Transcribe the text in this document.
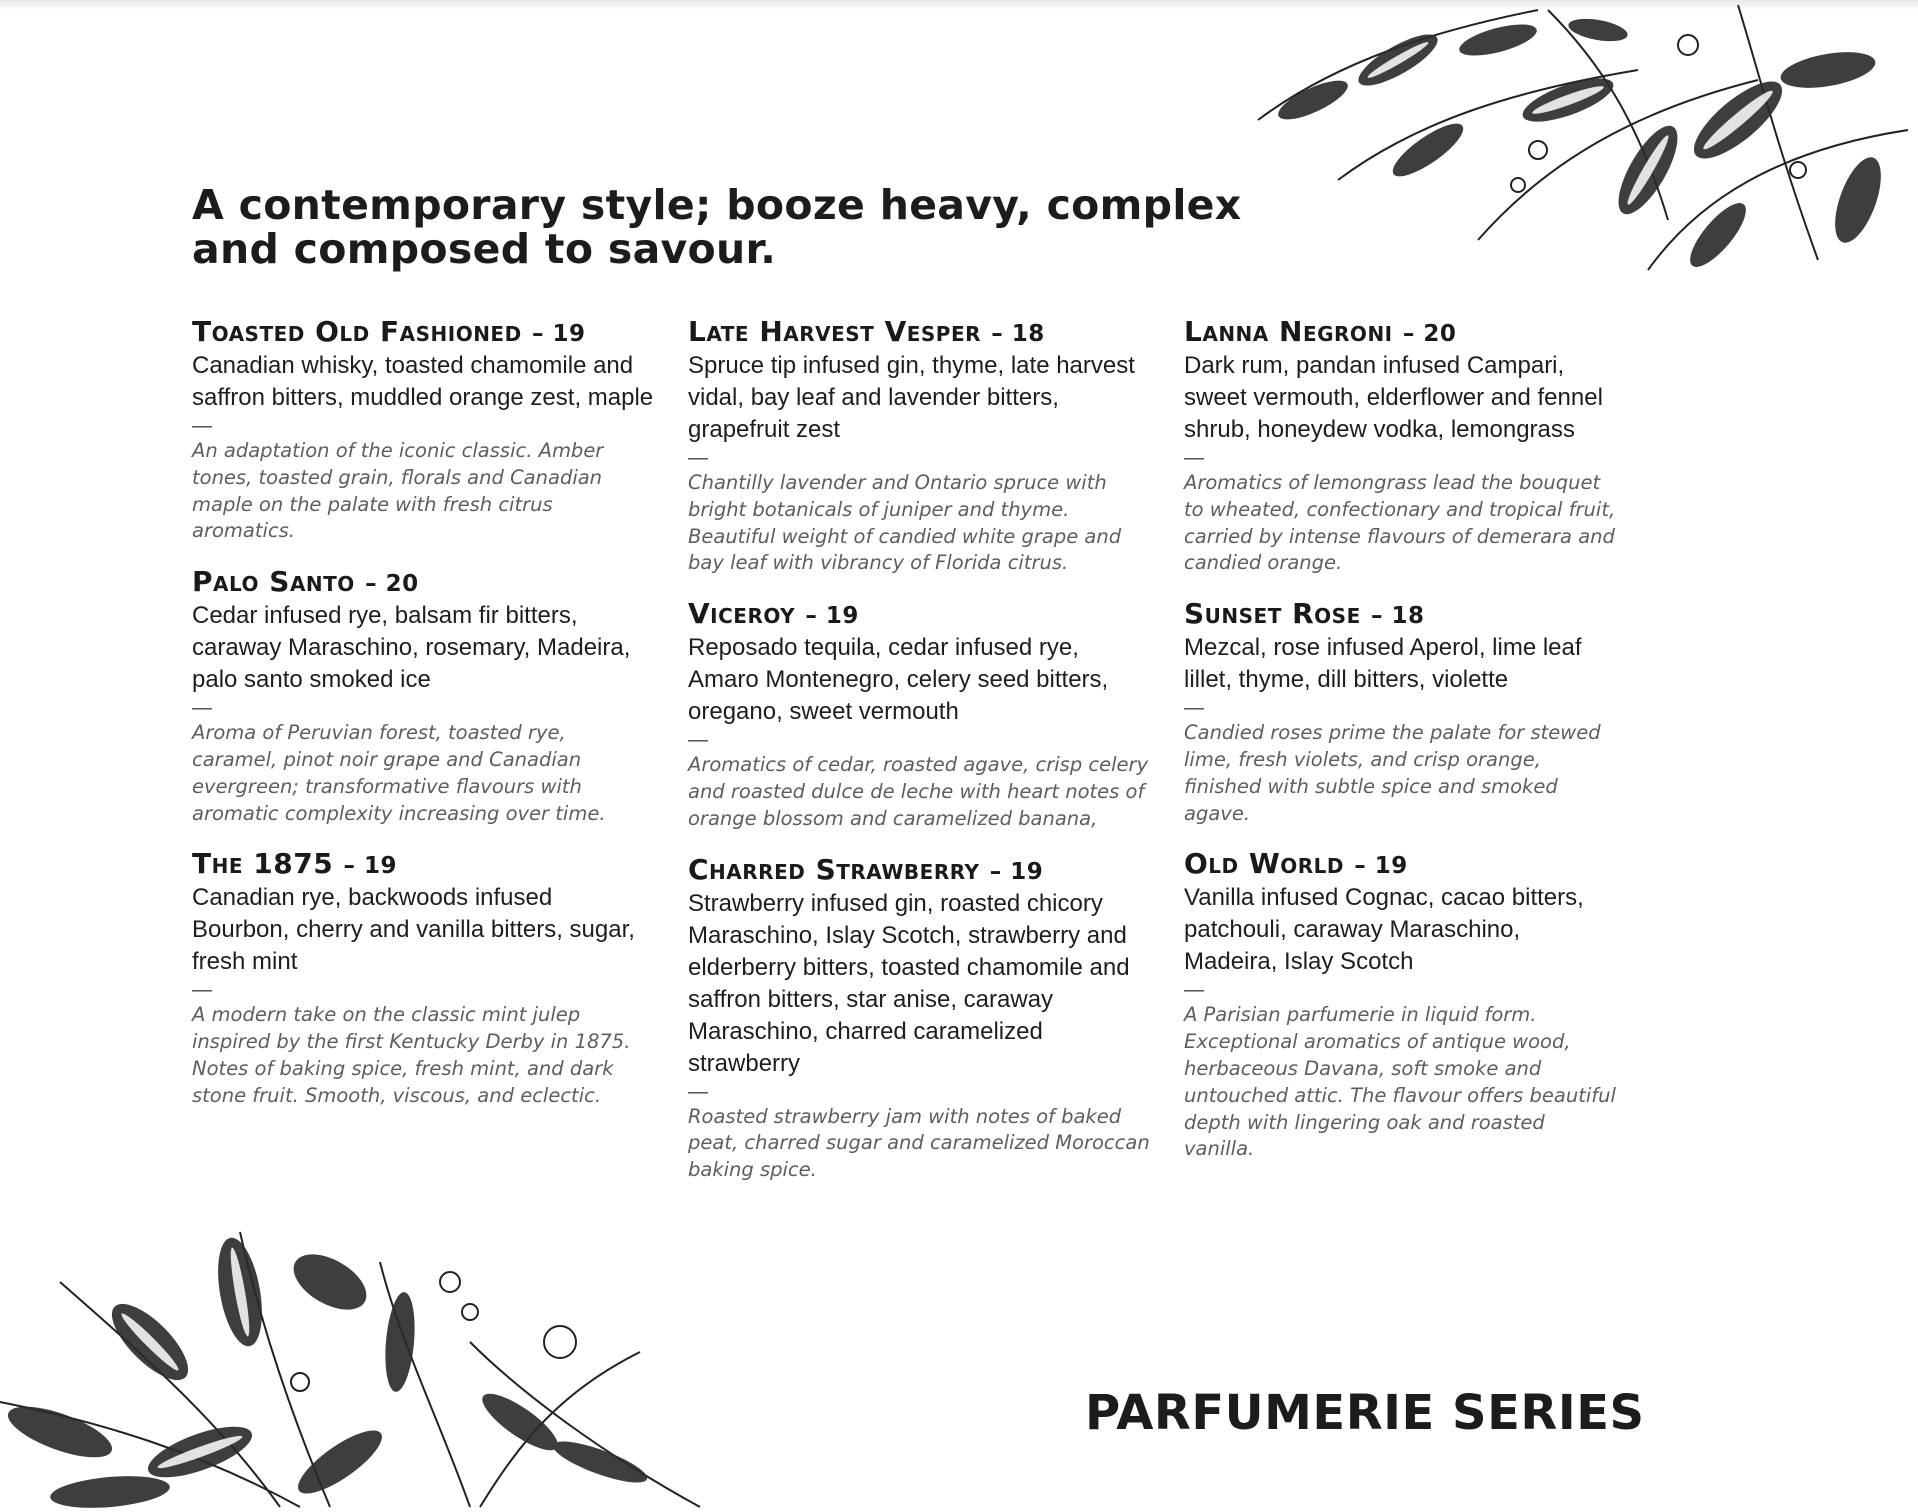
A contemporary style; booze heavy, complex and composed to savour.
Toasted Old Fashioned – 19
Canadian whisky, toasted chamomile and saffron bitters, muddled orange zest, maple
—
An adaptation of the iconic classic. Amber tones, toasted grain, florals and Canadian maple on the palate with fresh citrus aromatics.
Palo Santo – 20
Cedar infused rye, balsam fir bitters, caraway Maraschino, rosemary, Madeira, palo santo smoked ice
—
Aroma of Peruvian forest, toasted rye, caramel, pinot noir grape and Canadian evergreen; transformative flavours with aromatic complexity increasing over time.
The 1875 – 19
Canadian rye, backwoods infused Bourbon, cherry and vanilla bitters, sugar, fresh mint
—
A modern take on the classic mint julep inspired by the first Kentucky Derby in 1875. Notes of baking spice, fresh mint, and dark stone fruit. Smooth, viscous, and eclectic.
Late Harvest Vesper – 18
Spruce tip infused gin, thyme, late harvest vidal, bay leaf and lavender bitters, grapefruit zest
—
Chantilly lavender and Ontario spruce with bright botanicals of juniper and thyme. Beautiful weight of candied white grape and bay leaf with vibrancy of Florida citrus.
Viceroy – 19
Reposado tequila, cedar infused rye, Amaro Montenegro, celery seed bitters, oregano, sweet vermouth
—
Aromatics of cedar, roasted agave, crisp celery and roasted dulce de leche with heart notes of orange blossom and caramelized banana,
Charred Strawberry – 19
Strawberry infused gin, roasted chicory Maraschino, Islay Scotch, strawberry and elderberry bitters, toasted chamomile and saffron bitters, star anise, caraway Maraschino, charred caramelized strawberry
—
Roasted strawberry jam with notes of baked peat, charred sugar and caramelized Moroccan baking spice.
Lanna Negroni – 20
Dark rum, pandan infused Campari, sweet vermouth, elderflower and fennel shrub, honeydew vodka, lemongrass
—
Aromatics of lemongrass lead the bouquet to wheated, confectionary and tropical fruit, carried by intense flavours of demerara and candied orange.
Sunset Rose – 18
Mezcal, rose infused Aperol, lime leaf lillet, thyme, dill bitters, violette
—
Candied roses prime the palate for stewed lime, fresh violets, and crisp orange, finished with subtle spice and smoked agave.
Old World – 19
Vanilla infused Cognac, cacao bitters, patchouli, caraway Maraschino, Madeira, Islay Scotch
—
A Parisian parfumerie in liquid form. Exceptional aromatics of antique wood, herbaceous Davana, soft smoke and untouched attic. The flavour offers beautiful depth with lingering oak and roasted vanilla.
PARFUMERIE SERIES
